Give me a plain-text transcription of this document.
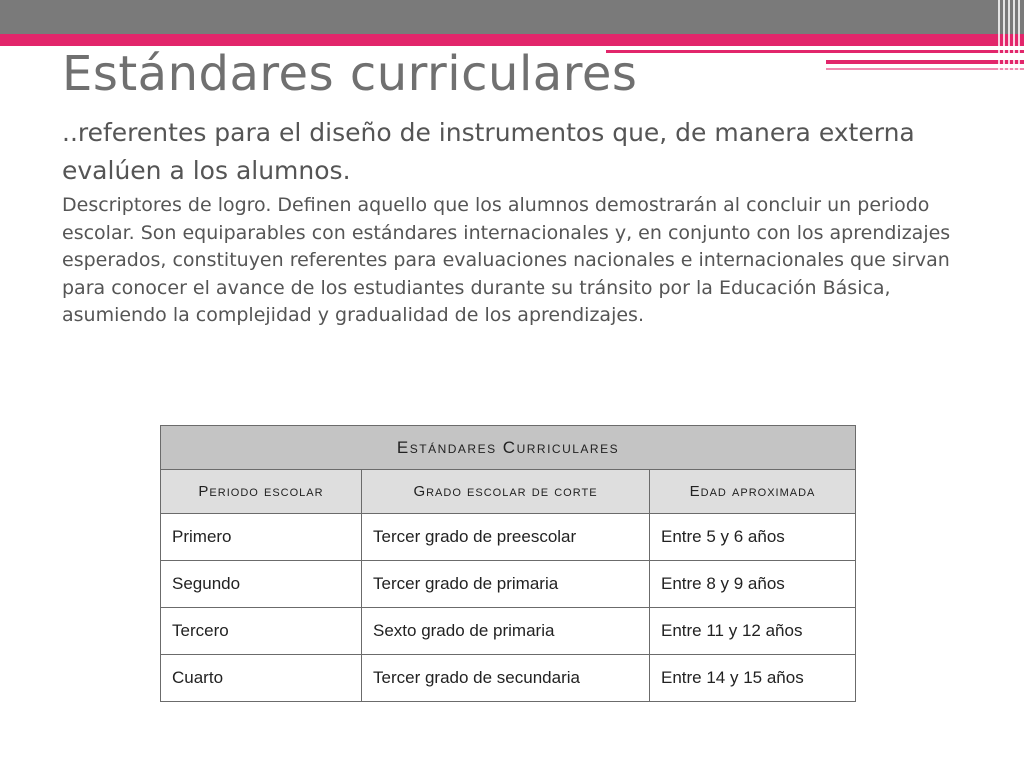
Estándares curriculares

..referentes para el diseño de instrumentos que, de manera externa evalúen a los alumnos.

Descriptores de logro. Definen aquello que los alumnos demostrarán al concluir un periodo escolar. Son equiparables con estándares internacionales y, en conjunto con los aprendizajes esperados, constituyen referentes para evaluaciones nacionales e internacionales que sirvan para conocer el avance de los estudiantes durante su tránsito por la Educación Básica, asumiendo la complejidad y gradualidad de los aprendizajes.

Estándares Curriculares		
Periodo escolar	Grado escolar de corte	Edad aproximada
Primero	Tercer grado de preescolar	Entre 5 y 6 años
Segundo	Tercer grado de primaria	Entre 8 y 9 años
Tercero	Sexto grado de primaria	Entre 11 y 12 años
Cuarto	Tercer grado de secundaria	Entre 14 y 15 años
